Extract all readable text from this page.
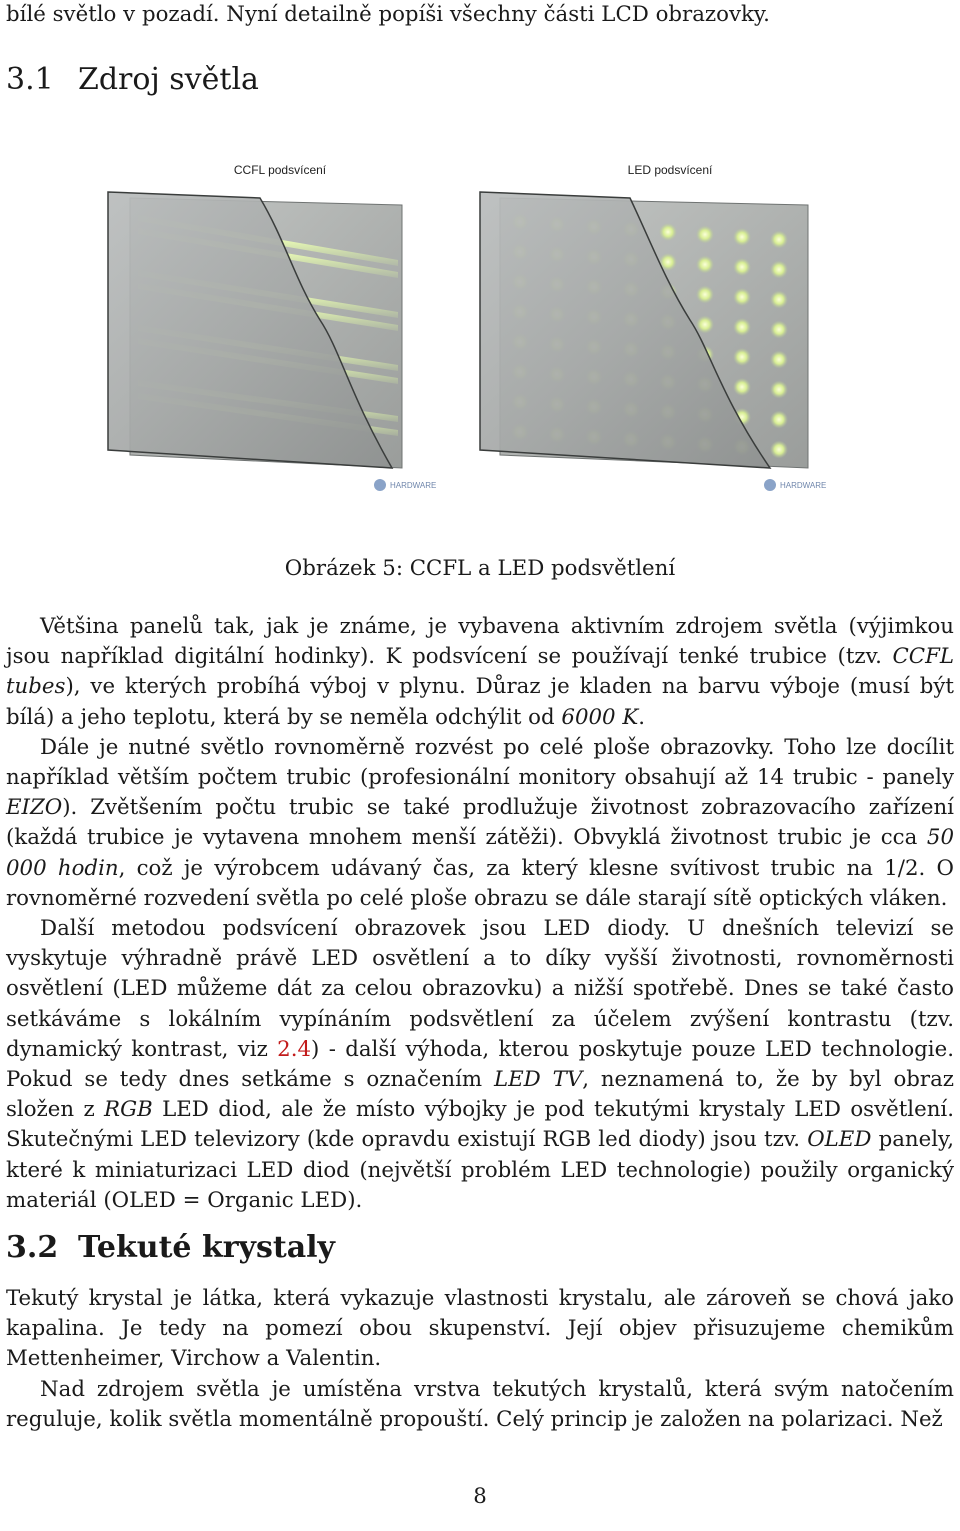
bílé světlo v pozadí. Nyní detailně popíši všechny části LCD obrazovky.
3.1 Zdroj světla
CCFL podsvícení	LED podsvícení
HARDWARE	HARDWARE
Obrázek 5: CCFL a LED podsvětlení

Většina panelů tak, jak je známe, je vybavena aktivním zdrojem světla (výjimkou jsou například digitální hodinky). K podsvícení se používají tenké trubice (tzv. CCFL tubes), ve kterých probíhá výboj v plynu. Důraz je kladen na barvu výboje (musí být bílá) a jeho teplotu, která by se neměla odchýlit od 6000 K.

Dále je nutné světlo rovnoměrně rozvést po celé ploše obrazovky. Toho lze docílit například větším počtem trubic (profesionální monitory obsahují až 14 trubic - panely EIZO). Zvětšením počtu trubic se také prodlužuje životnost zobrazovacího zařízení (každá trubice je vytavena mnohem menší zátěži). Obvyklá životnost trubic je cca 50 000 hodin, což je výrobcem udávaný čas, za který klesne svítivost trubic na 1/2. O rovnoměrné rozvedení světla po celé ploše obrazu se dále starají sítě optických vláken.

Další metodou podsvícení obrazovek jsou LED diody. U dnešních televizí se vyskytuje výhradně právě LED osvětlení a to díky vyšší životnosti, rovnoměrnosti osvětlení (LED můžeme dát za celou obrazovku) a nižší spotřebě. Dnes se také často setkáváme s lokálním vypínáním podsvětlení za účelem zvýšení kontrastu (tzv. dynamický kontrast, viz 2.4) - další výhoda, kterou poskytuje pouze LED technologie. Pokud se tedy dnes setkáme s označením LED TV, neznamená to, že by byl obraz složen z RGB LED diod, ale že místo výbojky je pod tekutými krystaly LED osvětlení. Skutečnými LED televizory (kde opravdu existují RGB led diody) jsou tzv. OLED panely, které k miniaturizaci LED diod (největší problém LED technologie) použily organický materiál (OLED = Organic LED).

3.2 Tekuté krystaly

Tekutý krystal je látka, která vykazuje vlastnosti krystalu, ale zároveň se chová jako kapalina. Je tedy na pomezí obou skupenství. Její objev přisuzujeme chemikům Mettenheimer, Virchow a Valentin.

Nad zdrojem světla je umístěna vrstva tekutých krystalů, která svým natočením reguluje, kolik světla momentálně propouští. Celý princip je založen na polarizaci. Než

8
